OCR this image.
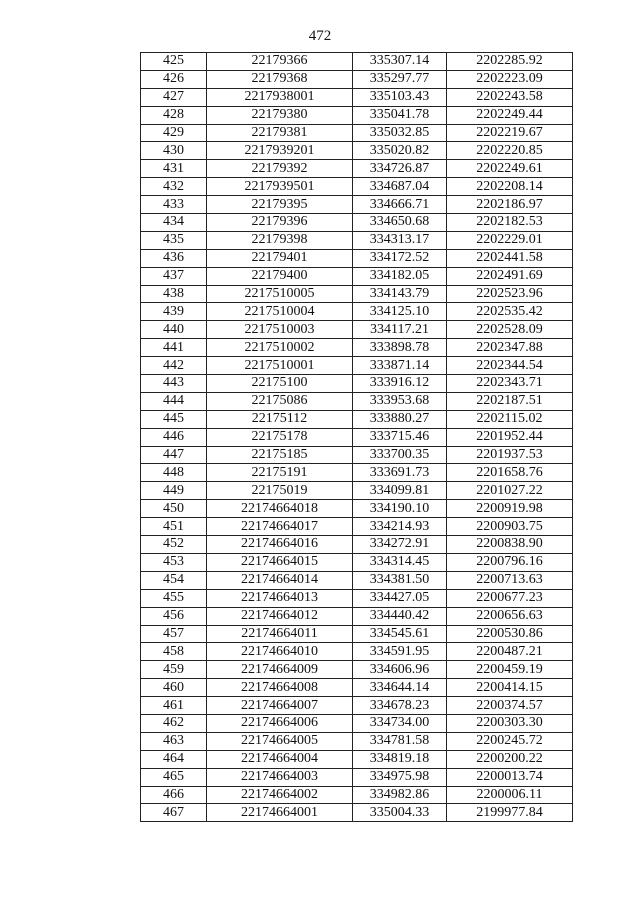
472
425	22179366	335307.14	2202285.92
426	22179368	335297.77	2202223.09
427	2217938001	335103.43	2202243.58
428	22179380	335041.78	2202249.44
429	22179381	335032.85	2202219.67
430	2217939201	335020.82	2202220.85
431	22179392	334726.87	2202249.61
432	2217939501	334687.04	2202208.14
433	22179395	334666.71	2202186.97
434	22179396	334650.68	2202182.53
435	22179398	334313.17	2202229.01
436	22179401	334172.52	2202441.58
437	22179400	334182.05	2202491.69
438	2217510005	334143.79	2202523.96
439	2217510004	334125.10	2202535.42
440	2217510003	334117.21	2202528.09
441	2217510002	333898.78	2202347.88
442	2217510001	333871.14	2202344.54
443	22175100	333916.12	2202343.71
444	22175086	333953.68	2202187.51
445	22175112	333880.27	2202115.02
446	22175178	333715.46	2201952.44
447	22175185	333700.35	2201937.53
448	22175191	333691.73	2201658.76
449	22175019	334099.81	2201027.22
450	22174664018	334190.10	2200919.98
451	22174664017	334214.93	2200903.75
452	22174664016	334272.91	2200838.90
453	22174664015	334314.45	2200796.16
454	22174664014	334381.50	2200713.63
455	22174664013	334427.05	2200677.23
456	22174664012	334440.42	2200656.63
457	22174664011	334545.61	2200530.86
458	22174664010	334591.95	2200487.21
459	22174664009	334606.96	2200459.19
460	22174664008	334644.14	2200414.15
461	22174664007	334678.23	2200374.57
462	22174664006	334734.00	2200303.30
463	22174664005	334781.58	2200245.72
464	22174664004	334819.18	2200200.22
465	22174664003	334975.98	2200013.74
466	22174664002	334982.86	2200006.11
467	22174664001	335004.33	2199977.84
